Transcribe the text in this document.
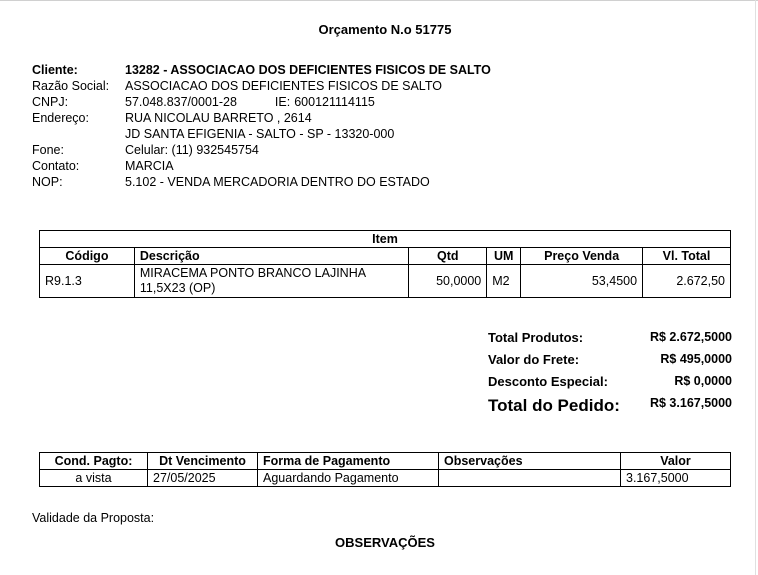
Orçamento N.o 51775
Cliente:	13282 - ASSOCIACAO DOS DEFICIENTES FISICOS DE SALTO
Razão Social: ASSOCIACAO DOS DEFICIENTES FISICOS DE SALTO
CNPJ:	57.048.837/0001-28	IE: 600121114115
Endereço:	RUA NICOLAU BARRETO , 2614
JD SANTA EFIGENIA - SALTO - SP - 13320-000
Fone:	Celular: (11) 932545754
Contato:	MARCIA
NOP:	5.102 - VENDA MERCADORIA DENTRO DO ESTADO
Item					
Código	Descrição	Qtd	UM	Preço Venda	Vl. Total
R9.1.3	MIRACEMA PONTO BRANCO LAJINHA 11,5X23 (OP)	50,0000	M2	53,4500	2.672,50
Total Produtos:	R$ 2.672,5000
Valor do Frete:	R$ 495,0000
Desconto Especial:	R$ 0,0000
Total do Pedido: R$ 3.167,5000
Cond. Pagto:	Dt Vencimento	Forma de Pagamento	Observações	Valor
a vista	27/05/2025	Aguardando Pagamento		3.167,5000
Validade da Proposta:
OBSERVAÇÕES
